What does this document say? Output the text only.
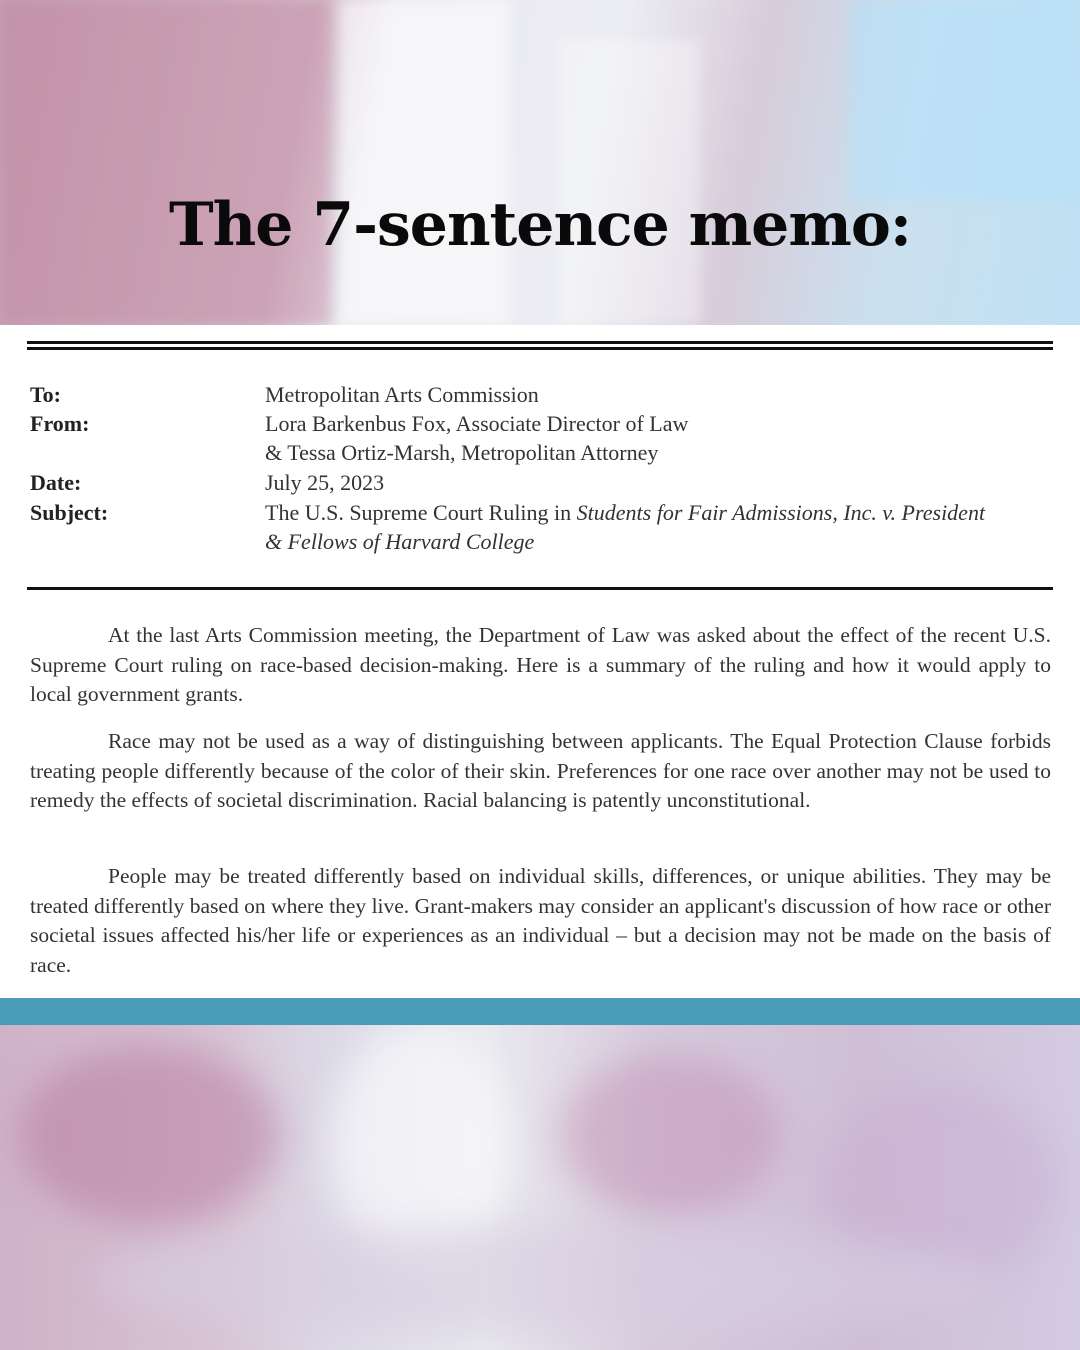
The 7-sentence memo:
To:	Metropolitan Arts Commission
From:	Lora Barkenbus Fox, Associate Director of Law
& Tessa Ortiz-Marsh, Metropolitan Attorney
Date:	July 25, 2023
Subject:	The U.S. Supreme Court Ruling in Students for Fair Admissions, Inc. v. President
& Fellows of Harvard College
At the last Arts Commission meeting, the Department of Law was asked about the effect of the recent U.S. Supreme Court ruling on race-based decision-making. Here is a summary of the ruling and how it would apply to local government grants.
Race may not be used as a way of distinguishing between applicants. The Equal Protection Clause forbids treating people differently because of the color of their skin. Preferences for one race over another may not be used to remedy the effects of societal discrimination. Racial balancing is patently unconstitutional.
People may be treated differently based on individual skills, differences, or unique abilities. They may be treated differently based on where they live. Grant-makers may consider an applicant's discussion of how race or other societal issues affected his/her life or experiences as an individual – but a decision may not be made on the basis of race.
